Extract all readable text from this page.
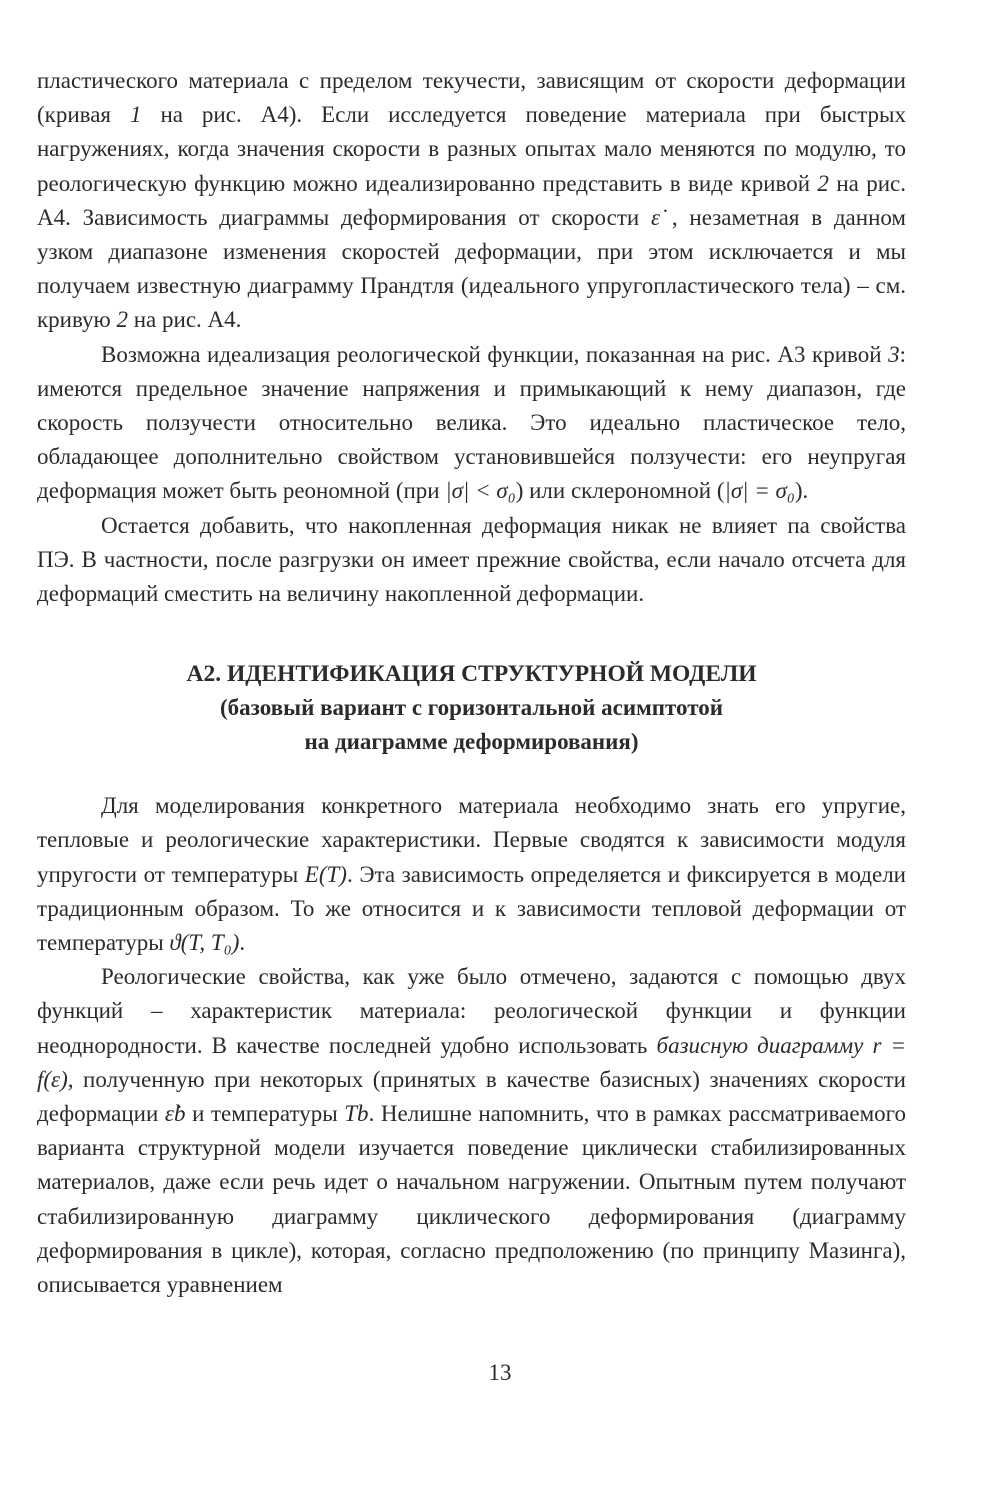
пластического материала с пределом текучести, зависящим от скорости деформации (кривая 1 на рис. А4). Если исследуется поведение материала при быстрых нагружениях, когда значения скорости в разных опытах мало меняются по модулю, то реологическую функцию можно идеализированно представить в виде кривой 2 на рис. А4. Зависимость диаграммы деформирования от скорости ε̇ , незаметная в данном узком диапазоне изменения скоростей деформации, при этом исключается и мы получаем известную диаграмму Прандтля (идеального упругопластического тела) – см. кривую 2 на рис. А4.

Возможна идеализация реологической функции, показанная на рис. А3 кривой 3: имеются предельное значение напряжения и примыкающий к нему диапазон, где скорость ползучести относительно велика. Это идеально пластическое тело, обладающее дополнительно свойством установившейся ползучести: его неупругая деформация может быть реономной (при |σ| < σ₀) или склерономной (|σ| = σ₀).

Остается добавить, что накопленная деформация никак не влияет па свойства ПЭ. В частности, после разгрузки он имеет прежние свойства, если начало отсчета для деформаций сместить на величину накопленной деформации.

А2. ИДЕНТИФИКАЦИЯ СТРУКТУРНОЙ МОДЕЛИ
(базовый вариант с горизонтальной асимптотой
на диаграмме деформирования)

Для моделирования конкретного материала необходимо знать его упругие, тепловые и реологические характеристики. Первые сводятся к зависимости модуля упругости от температуры E(T). Эта зависимость определяется и фиксируется в модели традиционным образом. То же относится и к зависимости тепловой деформации от температуры ϑ(T, T₀).

Реологические свойства, как уже было отмечено, задаются с помощью двух функций – характеристик материала: реологической функции и функции неоднородности. В качестве последней удобно использовать базисную диаграмму r = f(ε), полученную при некоторых (принятых в качестве базисных) значениях скорости деформации ε̇b и температуры Tb. Нелишне напомнить, что в рамках рассматриваемого варианта структурной модели изучается поведение циклически стабилизированных материалов, даже если речь идет о начальном нагружении. Опытным путем получают стабилизированную диаграмму циклического деформирования (диаграмму деформирования в цикле), которая, согласно предположению (по принципу Мазинга), описывается уравнением

13
